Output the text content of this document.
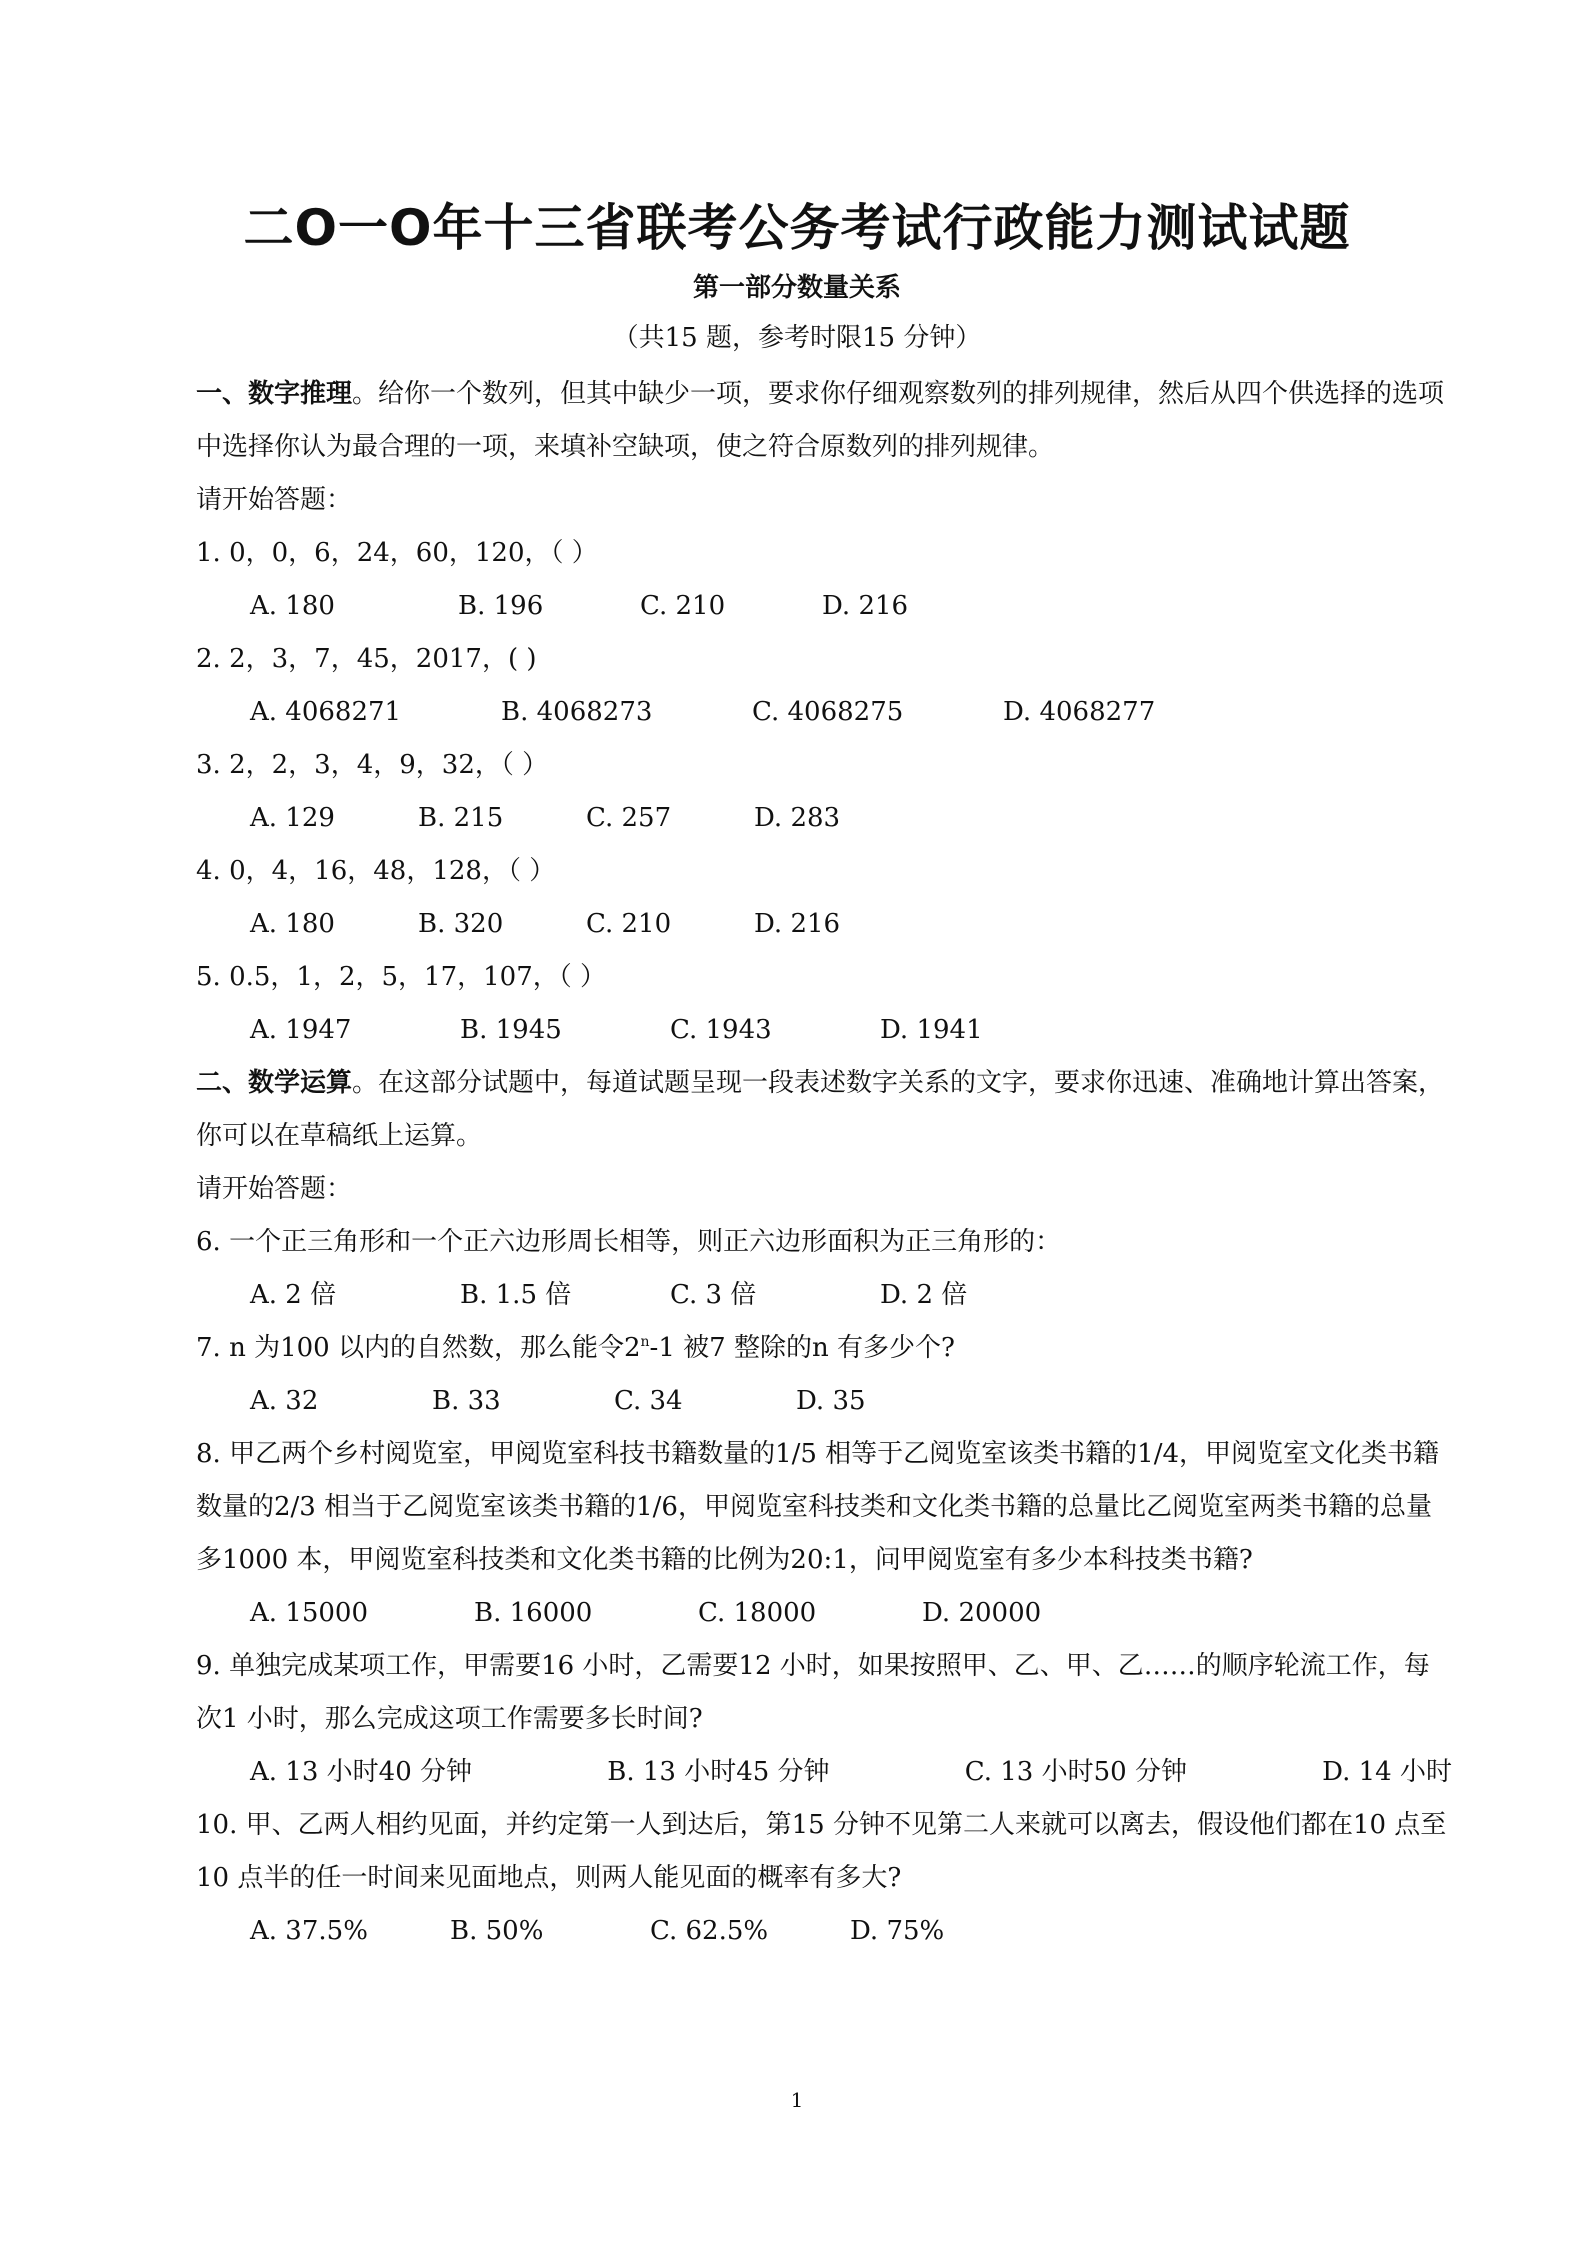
二O一O年十三省联考公务考试行政能力测试试题
第一部分数量关系
（共15 题，参考时限15 分钟）
一、数字推理。给你一个数列，但其中缺少一项，要求你仔细观察数列的排列规律，然后从四个供选择的选项中选择你认为最合理的一项，来填补空缺项，使之符合原数列的排列规律。
请开始答题：
1. 0，0，6，24，60，120，（ ）
A. 180	B. 196	C. 210	D. 216
2. 2，3，7，45，2017，( )
A. 4068271	B. 4068273	C. 4068275	D. 4068277
3. 2，2，3，4，9，32，（ ）
A. 129	B. 215	C. 257	D. 283
4. 0，4，16，48，128，（ ）
A. 180	B. 320	C. 210	D. 216
5. 0.5，1，2，5，17，107，（ ）
A. 1947	B. 1945	C. 1943	D. 1941
二、数学运算。在这部分试题中，每道试题呈现一段表述数字关系的文字，要求你迅速、准确地计算出答案，你可以在草稿纸上运算。
请开始答题：
6. 一个正三角形和一个正六边形周长相等，则正六边形面积为正三角形的：
A. 2 倍	B. 1.5 倍	C. 3 倍	D. 2 倍
7. n 为100 以内的自然数，那么能令2$^n$-1 被7 整除的n 有多少个?
A. 32	B. 33	C. 34	D. 35
8. 甲乙两个乡村阅览室，甲阅览室科技书籍数量的1/5 相等于乙阅览室该类书籍的1/4，甲阅览室文化类书籍数量的2/3 相当于乙阅览室该类书籍的1/6，甲阅览室科技类和文化类书籍的总量比乙阅览室两类书籍的总量多1000 本，甲阅览室科技类和文化类书籍的比例为20:1，问甲阅览室有多少本科技类书籍?
A. 15000	B. 16000	C. 18000	D. 20000
9. 单独完成某项工作，甲需要16 小时，乙需要12 小时，如果按照甲、乙、甲、乙……的顺序轮流工作，每次1 小时，那么完成这项工作需要多长时间?
A. 13 小时40 分钟	B. 13 小时45 分钟	C. 13 小时50 分钟	D. 14 小时
10. 甲、乙两人相约见面，并约定第一人到达后，第15 分钟不见第二人来就可以离去，假设他们都在10 点至10 点半的任一时间来见面地点，则两人能见面的概率有多大?
A. 37.5%	B. 50%	C. 62.5%	D. 75%
1
